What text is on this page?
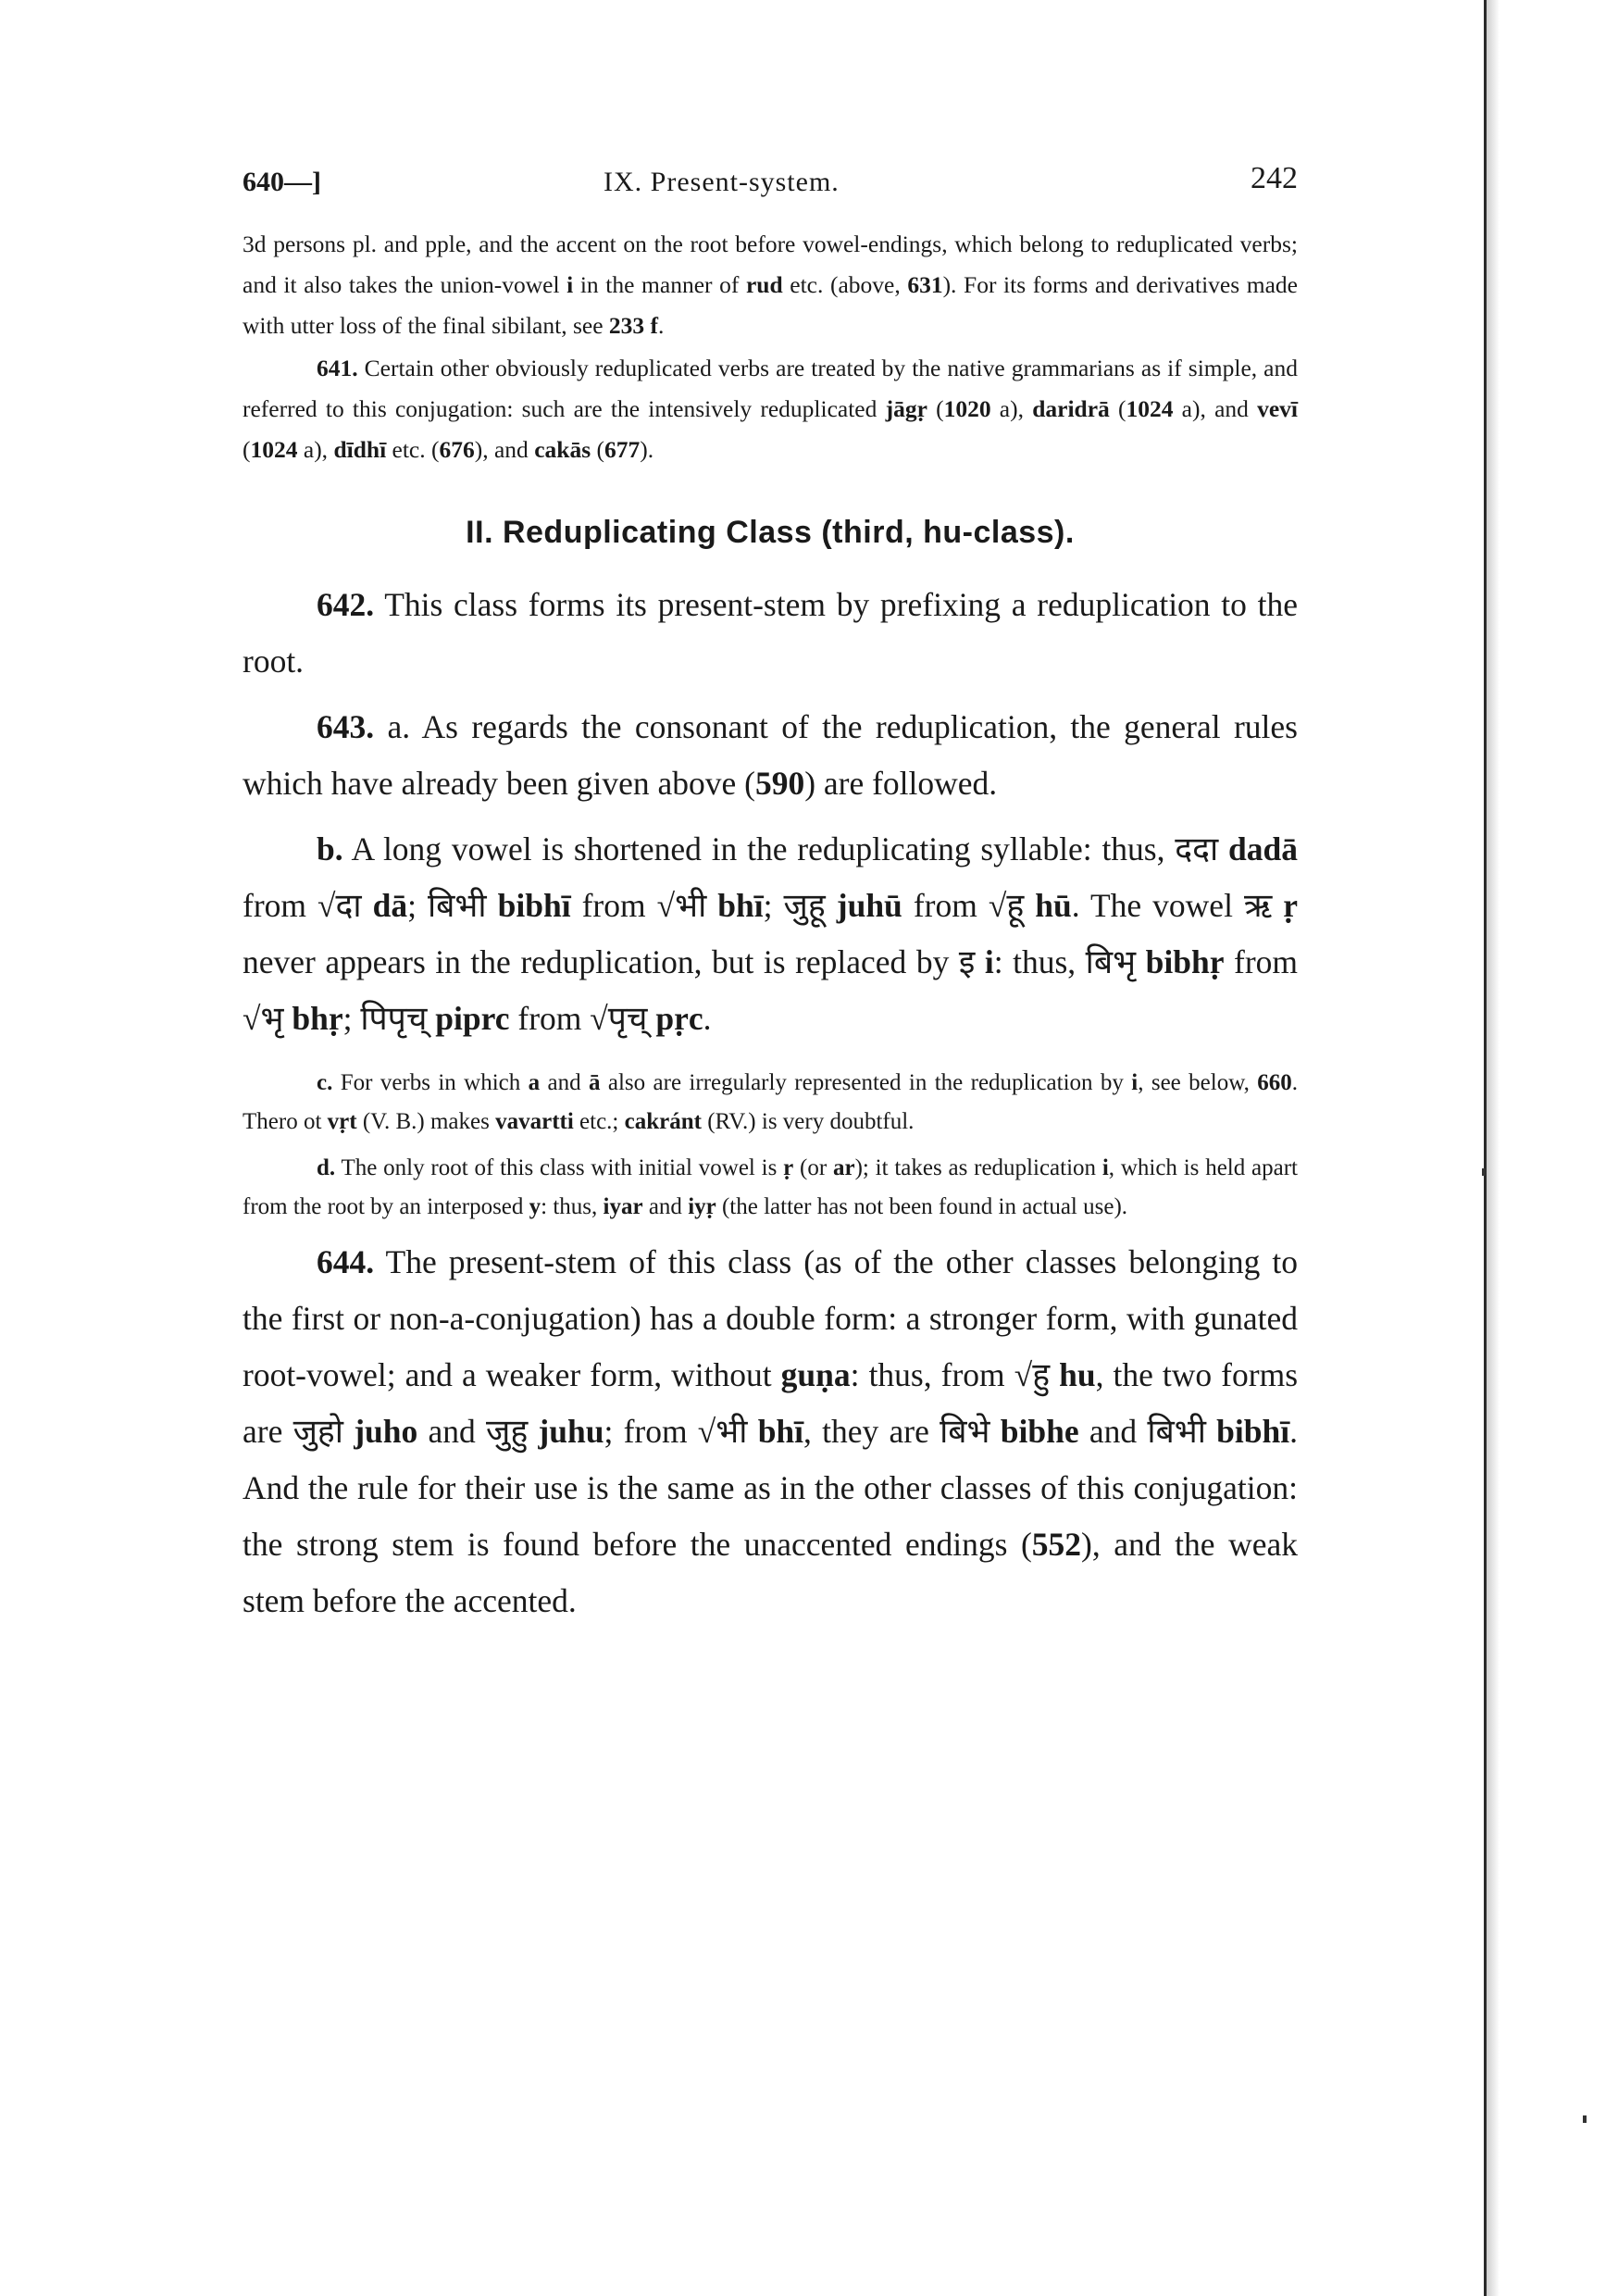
640—]	IX. Present-system.	242

3d persons pl. and pple, and the accent on the root before vowel-endings, which belong to reduplicated verbs; and it also takes the union-vowel i in the manner of rud etc. (above, 631). For its forms and derivatives made with utter loss of the final sibilant, see 233 f.

641. Certain other obviously reduplicated verbs are treated by the native grammarians as if simple, and referred to this conjugation: such are the intensively reduplicated jāgṛ (1020 a), daridrā (1024 a), and vevī (1024 a), dīdhī etc. (676), and cakās (677).

II. Reduplicating Class (third, hu-class).

642. This class forms its present-stem by prefixing a reduplication to the root.

643. a. As regards the consonant of the reduplication, the general rules which have already been given above (590) are followed.

b. A long vowel is shortened in the reduplicating syllable: thus, ददा dadā from √दा dā; बिभी bibhī from √भी bhī; जुहू juhū from √हू hū. The vowel ऋ ṛ never appears in the reduplication, but is replaced by इ i: thus, बिभृ bibhṛ from √भृ bhṛ; पिपृच् piprc from √पृच् pṛc.

c. For verbs in which a and ā also are irregularly represented in the reduplication by i, see below, 660. Thero ot vṛt (V. B.) makes vavartti etc.; cakránt (RV.) is very doubtful.

d. The only root of this class with initial vowel is ṛ (or ar); it takes as reduplication i, which is held apart from the root by an interposed y: thus, iyar and iyṛ (the latter has not been found in actual use).

644. The present-stem of this class (as of the other classes belonging to the first or non-a-conjugation) has a double form: a stronger form, with gunated root-vowel; and a weaker form, without guṇa: thus, from √हु hu, the two forms are जुहो juho and जुहु juhu; from √भी bhī, they are बिभे bibhe and बिभी bibhī. And the rule for their use is the same as in the other classes of this conjugation: the strong stem is found before the unaccented endings (552), and the weak stem before the accented.
